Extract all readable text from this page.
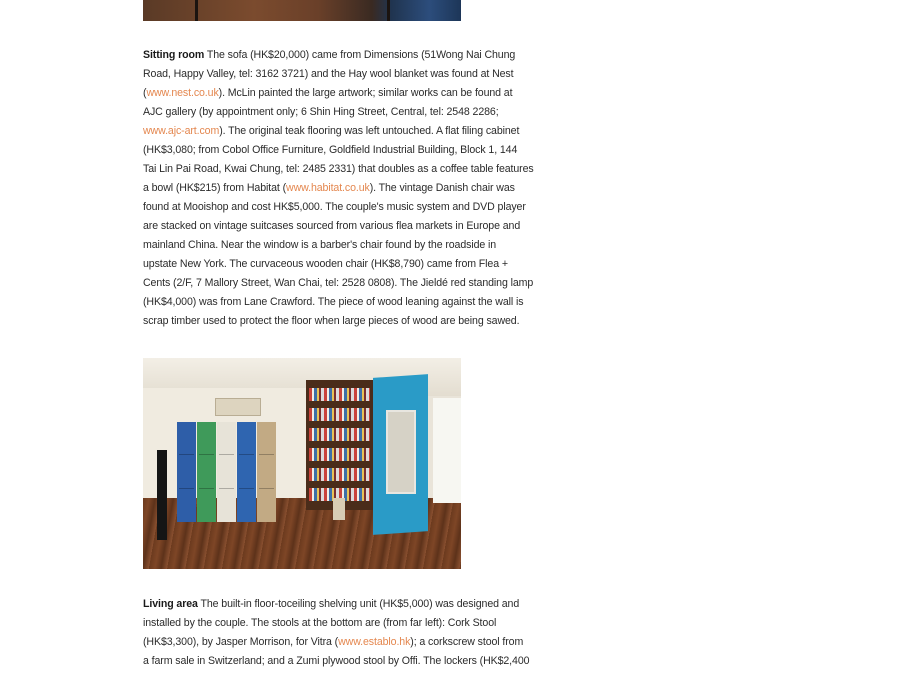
Sitting room The sofa (HK$20,000) came from Dimensions (51Wong Nai Chung
Road, Happy Valley, tel: 3162 3721) and the Hay wool blanket was found at Nest
(www.nest.co.uk). McLin painted the large artwork; similar works can be found at
AJC gallery (by appointment only; 6 Shin Hing Street, Central, tel: 2548 2286;
www.ajc-art.com). The original teak flooring was left untouched. A flat filing cabinet
(HK$3,080; from Cobol Office Furniture, Goldfield Industrial Building, Block 1, 144
Tai Lin Pai Road, Kwai Chung, tel: 2485 2331) that doubles as a coffee table features
a bowl (HK$215) from Habitat (www.habitat.co.uk). The vintage Danish chair was
found at Mooishop and cost HK$5,000. The couple's music system and DVD player
are stacked on vintage suitcases sourced from various flea markets in Europe and
mainland China. Near the window is a barber's chair found by the roadside in
upstate New York. The curvaceous wooden chair (HK$8,790) came from Flea +
Cents (2/F, 7 Mallory Street, Wan Chai, tel: 2528 0808). The Jieldé red standing lamp
(HK$4,000) was from Lane Crawford. The piece of wood leaning against the wall is
scrap timber used to protect the floor when large pieces of wood are being sawed.

Living area The built-in floor-toceiling shelving unit (HK$5,000) was designed and
installed by the couple. The stools at the bottom are (from far left): Cork Stool
(HK$3,300), by Jasper Morrison, for Vitra (www.establo.hk); a corkscrew stool from
a farm sale in Switzerland; and a Zumi plywood stool by Offi. The lockers (HK$2,400
